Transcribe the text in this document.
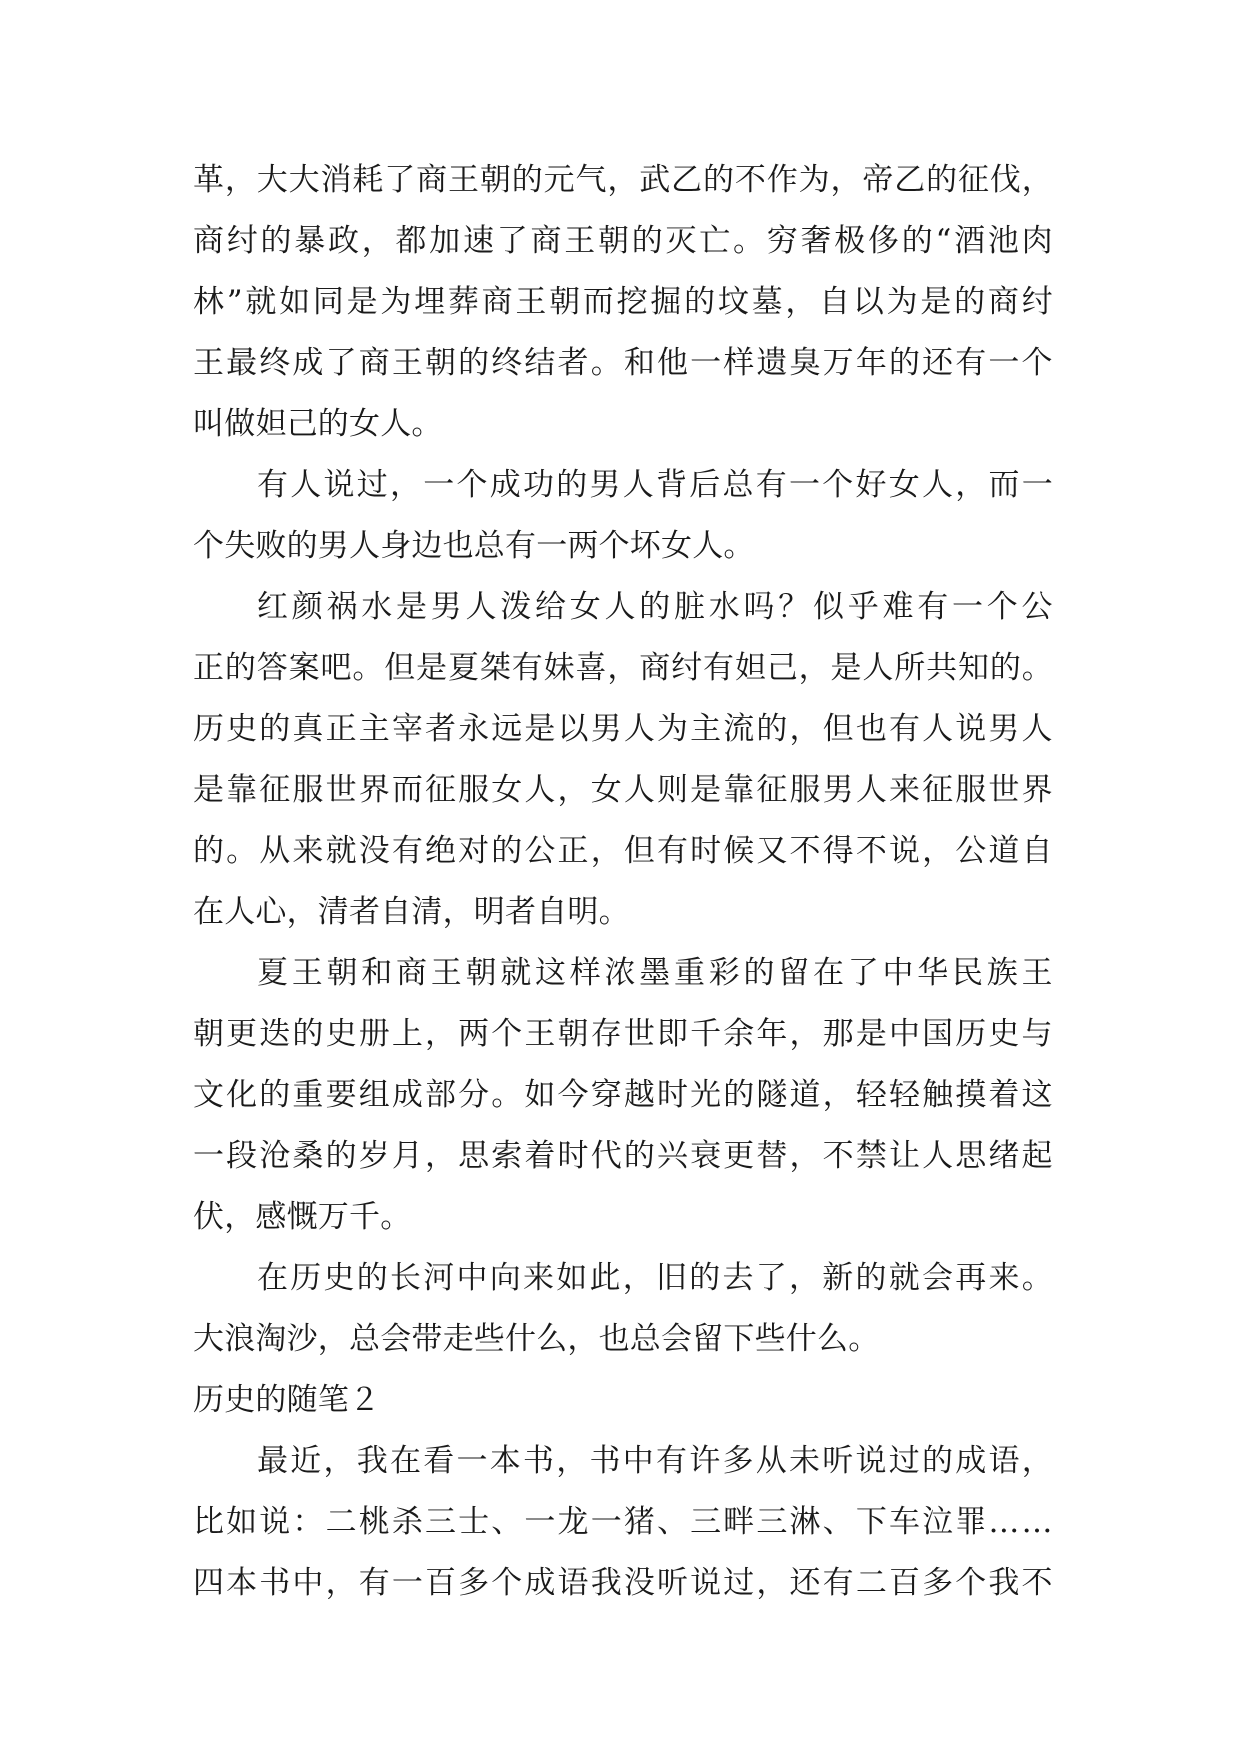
革 ， 大 大 消 耗 了 商 王 朝 的 元 气 ， 武 乙 的 不 作 为 ， 帝 乙 的 征 伐 ，
商 纣 的 暴 政 ， 都 加 速 了 商 王 朝 的 灭 亡 。 穷 奢 极 侈 的 “ 酒 池 肉
林 ” 就 如 同 是 为 埋 葬 商 王 朝 而 挖 掘 的 坟 墓 ， 自 以 为 是 的 商 纣
王 最 终 成 了 商 王 朝 的 终 结 者 。 和 他 一 样 遗 臭 万 年 的 还 有 一 个
叫做妲己的女人。
有 人 说 过 ， 一 个 成 功 的 男 人 背 后 总 有 一 个 好 女 人 ， 而 一
个失败的男人身边也总有一两个坏女人。
红 颜 祸 水 是 男 人 泼 给 女 人 的 脏 水 吗 ？ 似 乎 难 有 一 个 公
正 的 答 案 吧 。 但 是 夏 桀 有 妹 喜 ， 商 纣 有 妲 己 ， 是 人 所 共 知 的 。
历 史 的 真 正 主 宰 者 永 远 是 以 男 人 为 主 流 的 ， 但 也 有 人 说 男 人
是 靠 征 服 世 界 而 征 服 女 人 ， 女 人 则 是 靠 征 服 男 人 来 征 服 世 界
的 。 从 来 就 没 有 绝 对 的 公 正 ， 但 有 时 候 又 不 得 不 说 ， 公 道 自
在人心，清者自清，明者自明。
夏 王 朝 和 商 王 朝 就 这 样 浓 墨 重 彩 的 留 在 了 中 华 民 族 王
朝 更 迭 的 史 册 上 ， 两 个 王 朝 存 世 即 千 余 年 ， 那 是 中 国 历 史 与
文 化 的 重 要 组 成 部 分 。 如 今 穿 越 时 光 的 隧 道 ， 轻 轻 触 摸 着 这
一 段 沧 桑 的 岁 月 ， 思 索 着 时 代 的 兴 衰 更 替 ， 不 禁 让 人 思 绪 起
伏，感慨万千。
在 历 史 的 长 河 中 向 来 如 此 ， 旧 的 去 了 ， 新 的 就 会 再 来 。
大浪淘沙，总会带走些什么，也总会留下些什么。
历史的随笔２
最 近 ， 我 在 看 一 本 书 ， 书 中 有 许 多 从 未 听 说 过 的 成 语 ，
比 如 说 ： 二 桃 杀 三 士 、 一 龙 一 猪 、 三 畔 三 淋 、 下 车 泣 罪 … …
四 本 书 中 ， 有 一 百 多 个 成 语 我 没 听 说 过 ， 还 有 二 百 多 个 我 不
